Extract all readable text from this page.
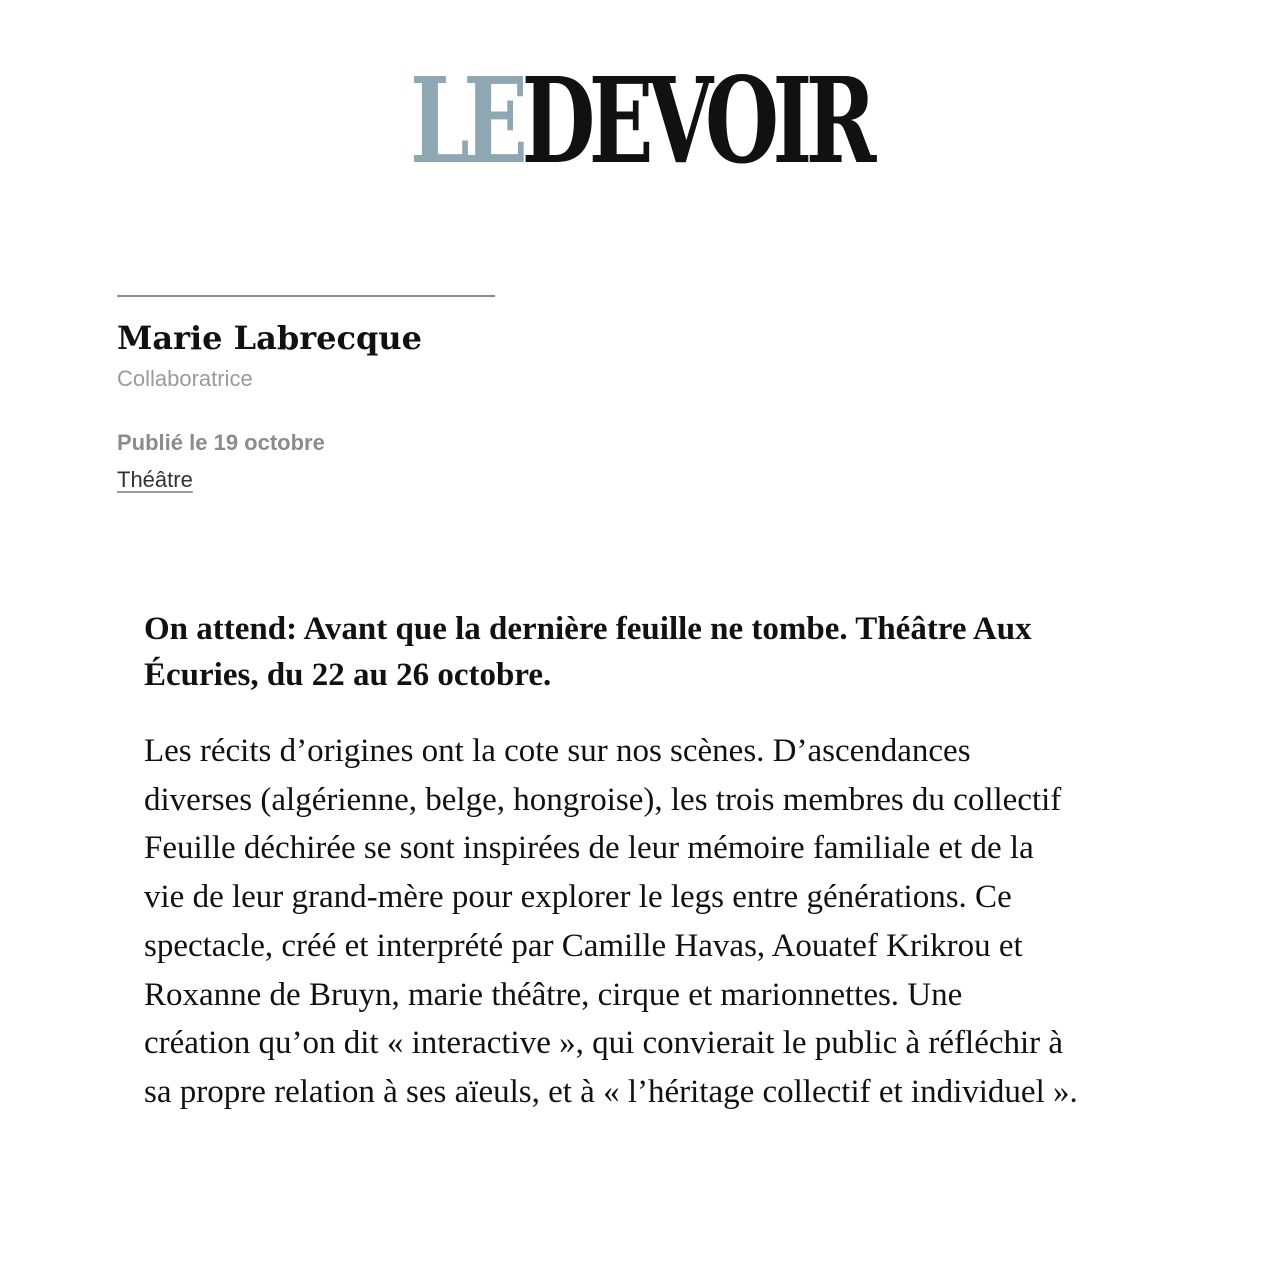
LEDEVOIR
Marie Labrecque
Collaboratrice
Publié le 19 octobre
Théâtre

On attend: Avant que la dernière feuille ne tombe. Théâtre Aux Écuries, du 22 au 26 octobre.

Les récits d’origines ont la cote sur nos scènes. D’ascendances
diverses (algérienne, belge, hongroise), les trois membres du collectif
Feuille déchirée se sont inspirées de leur mémoire familiale et de la
vie de leur grand-mère pour explorer le legs entre générations. Ce
spectacle, créé et interprété par Camille Havas, Aouatef Krikrou et
Roxanne de Bruyn, marie théâtre, cirque et marionnettes. Une
création qu’on dit « interactive », qui convierait le public à réfléchir à
sa propre relation à ses aïeuls, et à « l’héritage collectif et individuel ».
